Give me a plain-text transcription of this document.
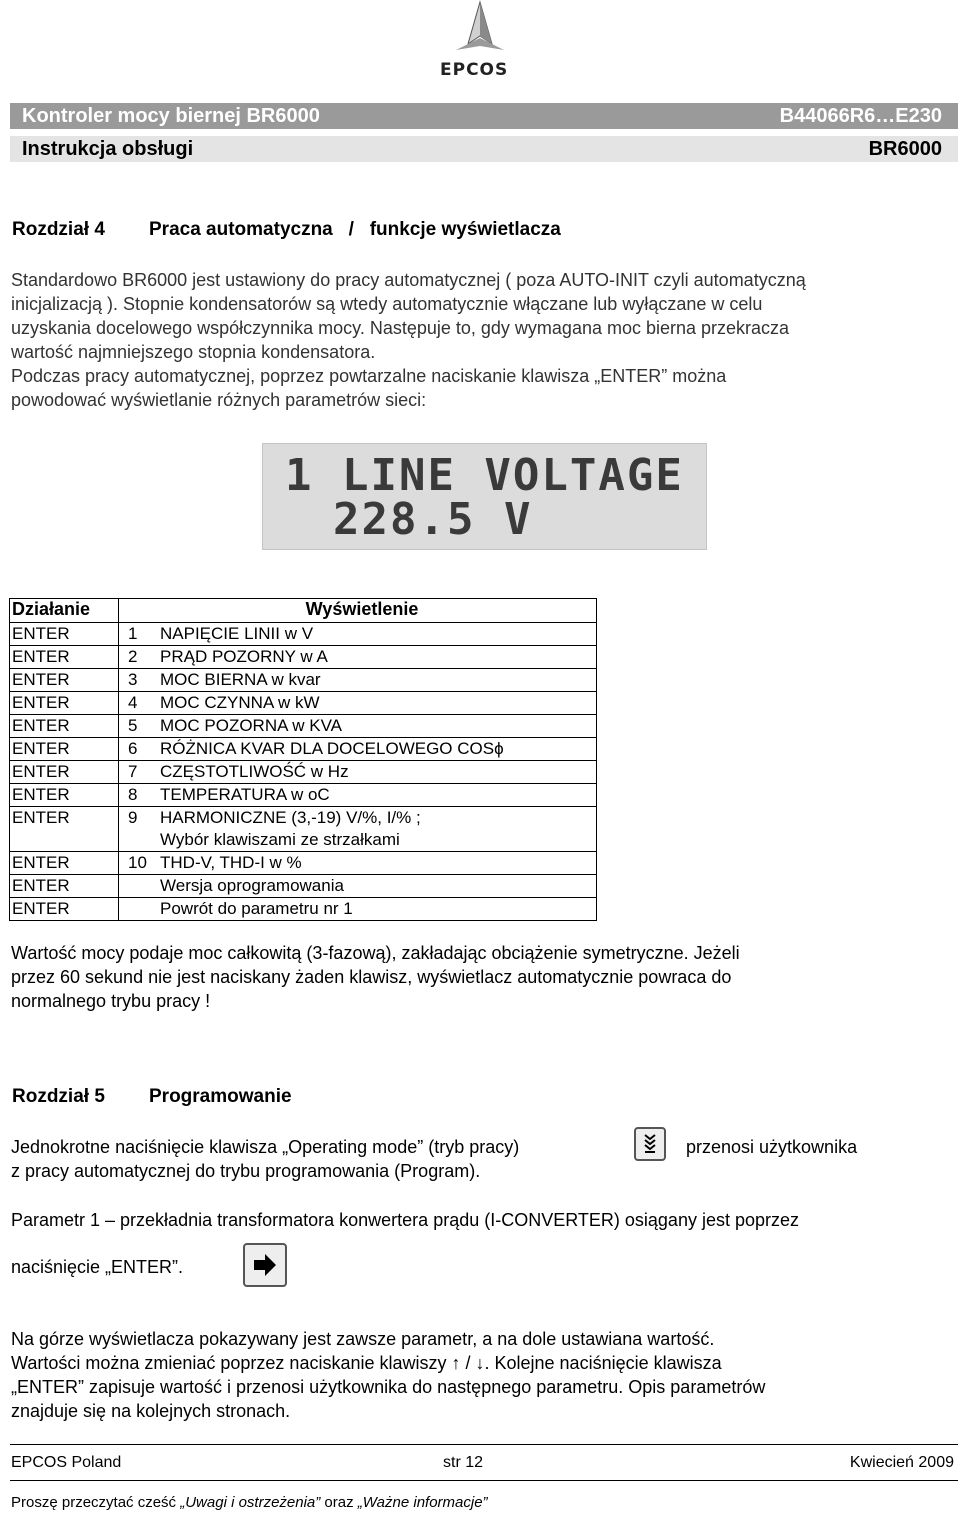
EPCOS
Kontroler mocy biernej BR6000	B44066R6…E230
Instrukcja obsługi	BR6000
Rozdział 4 Praca automatyczna   /   funkcje wyświetlacza
Standardowo BR6000 jest ustawiony do pracy automatycznej ( poza AUTO-INIT czyli automatyczną
inicjalizacją ). Stopnie kondensatorów są wtedy automatycznie włączane lub wyłączane w celu
uzyskania docelowego współczynnika mocy. Następuje to, gdy wymagana moc bierna przekracza
wartość najmniejszego stopnia kondensatora.
Podczas pracy automatycznej, poprzez powtarzalne naciskanie klawisza „ENTER” można
powodować wyświetlanie różnych parametrów sieci:
1 LINE VOLTAGE
228.5 V
Działanie	Wyświetlenie
ENTER	1 NAPIĘCIE LINII w V
ENTER	2 PRĄD POZORNY w A
ENTER	3 MOC BIERNA w kvar
ENTER	4 MOC CZYNNA w kW
ENTER	5 MOC POZORNA w KVA
ENTER	6 RÓŻNICA KVAR DLA DOCELOWEGO COSϕ
ENTER	7 CZĘSTOTLIWOŚĆ w Hz
ENTER	8 TEMPERATURA w oC
ENTER	9 HARMONICZNE (3,-19) V/%, I/% ;
Wybór klawiszami ze strzałkami
ENTER	10 THD-V, THD-I w %
ENTER	Wersja oprogramowania
ENTER	Powrót do parametru nr 1
Wartość mocy podaje moc całkowitą (3-fazową), zakładając obciążenie symetryczne. Jeżeli
przez 60 sekund nie jest naciskany żaden klawisz, wyświetlacz automatycznie powraca do
normalnego trybu pracy !
Rozdział 5 Programowanie
Jednokrotne naciśnięcie klawisza „Operating mode” (tryb pracy)	przenosi użytkownika
z pracy automatycznej do trybu programowania (Program).
Parametr 1 – przekładnia transformatora konwertera prądu (I-CONVERTER) osiągany jest poprzez
naciśnięcie „ENTER”.
Na górze wyświetlacza pokazywany jest zawsze parametr, a na dole ustawiana wartość.
Wartości można zmieniać poprzez naciskanie klawiszy ↑ / ↓. Kolejne naciśnięcie klawisza
„ENTER” zapisuje wartość i przenosi użytkownika do następnego parametru. Opis parametrów
znajduje się na kolejnych stronach.
EPCOS Poland	str 12	Kwiecień 2009
Proszę przeczytać cześć „Uwagi i ostrzeżenia” oraz „Ważne informacje”
